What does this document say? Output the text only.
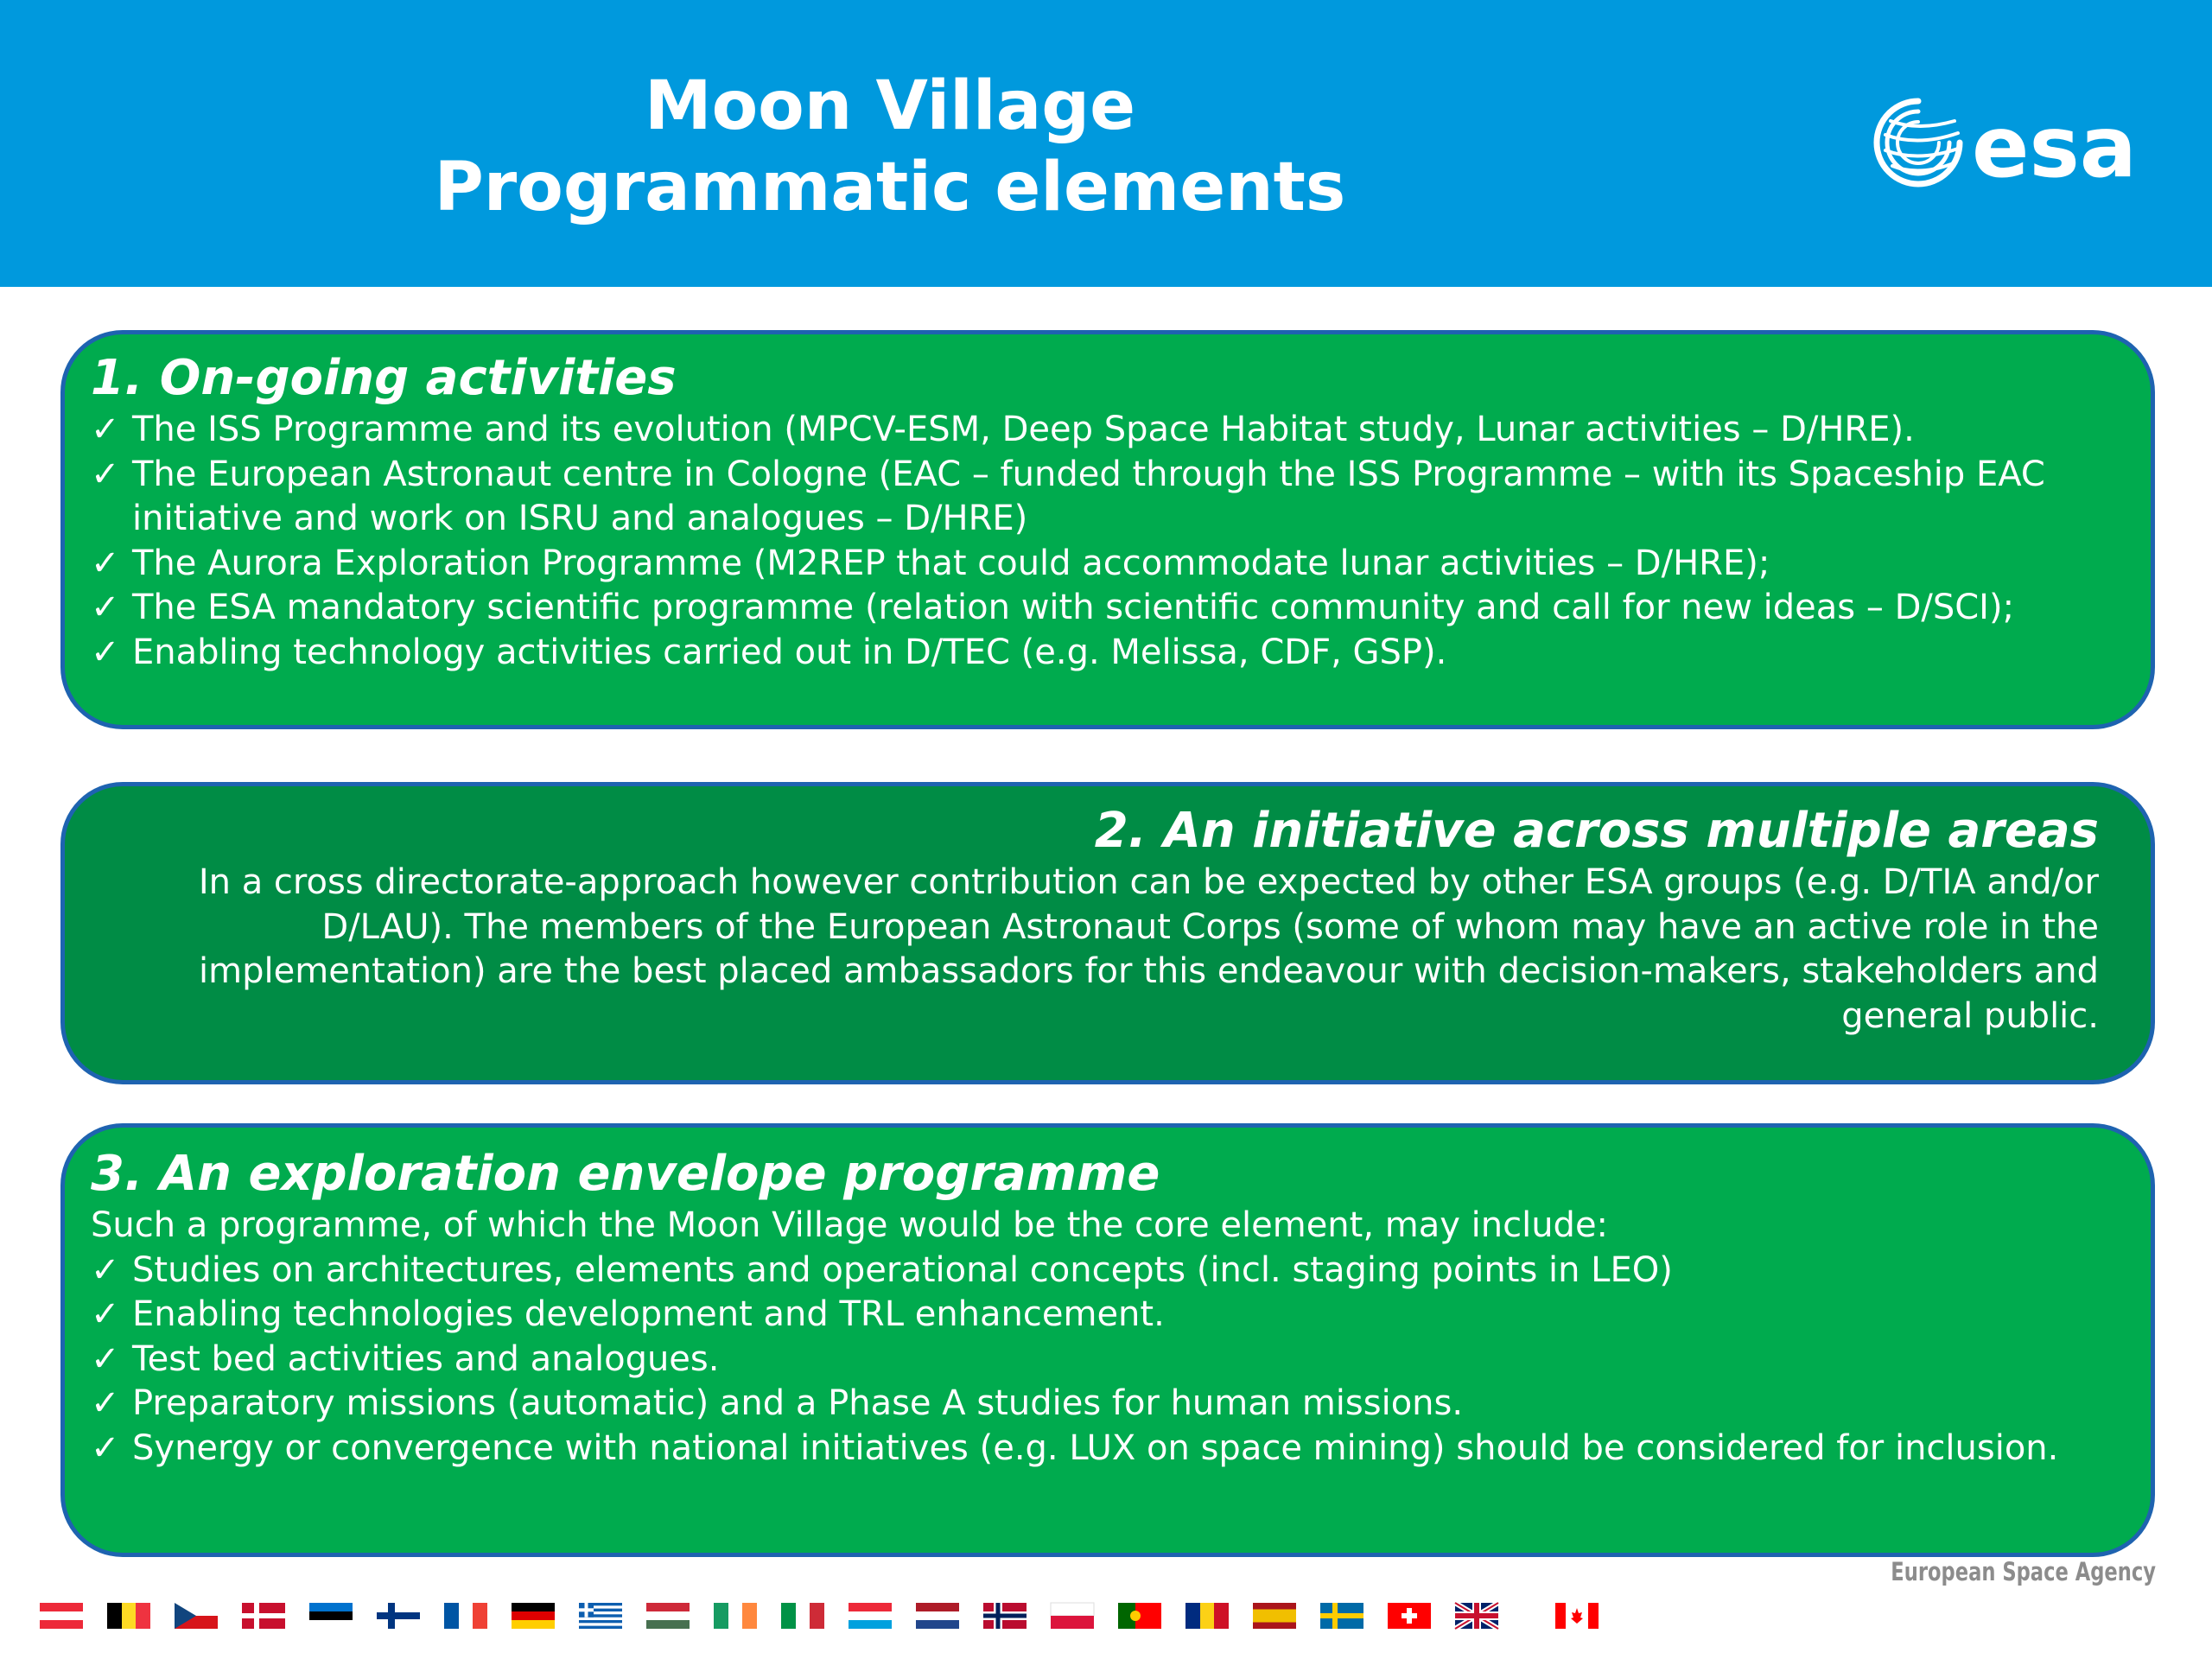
Moon Village
Programmatic elements	esa
1. On-going activities
✓ The ISS Programme and its evolution (MPCV-ESM, Deep Space Habitat study, Lunar activities – D/HRE).
✓ The European Astronaut centre in Cologne (EAC – funded through the ISS Programme – with its Spaceship EAC initiative and work on ISRU and analogues – D/HRE)
✓ The Aurora Exploration Programme (M2REP that could accommodate lunar activities – D/HRE);
✓ The ESA mandatory scientific programme (relation with scientific community and call for new ideas – D/SCI);
✓ Enabling technology activities carried out in D/TEC (e.g. Melissa, CDF, GSP).
2. An initiative across multiple areas
In a cross directorate-approach however contribution can be expected by other ESA groups (e.g. D/TIA and/or D/LAU). The members of the European Astronaut Corps (some of whom may have an active role in the implementation) are the best placed ambassadors for this endeavour with decision-makers, stakeholders and general public.
3. An exploration envelope programme
Such a programme, of which the Moon Village would be the core element, may include:
✓ Studies on architectures, elements and operational concepts (incl. staging points in LEO)
✓ Enabling technologies development and TRL enhancement.
✓ Test bed activities and analogues.
✓ Preparatory missions (automatic) and a Phase A studies for human missions.
✓ Synergy or convergence with national initiatives (e.g. LUX on space mining) should be considered for inclusion.
European Space Agency
